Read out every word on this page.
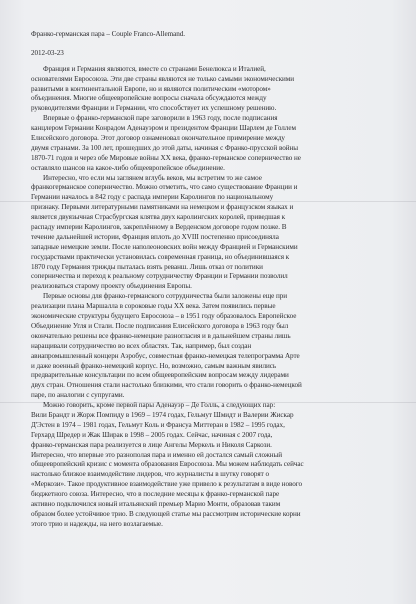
Франко-германская пара – Couple Franco-Allemand.
2012-03-23
Франция и Германия являются, вместе со странами Бенелюкса и Италией,
основателями Евросоюза. Эти две страны являются не только самыми экономическими
развитыми в континентальной Европе, но и являются политическим «мотором»
объединения. Многие общеевропейские вопросы сначала обсуждаются между
руководителями Франции и Германии, что способствует их успешному решению.
Впервые о франко-германской паре заговорили в 1963 году, после подписания
канцлером Германии Конрадом Аденауэром и президентом Франции Шарлем де Голлем
Елисейского договора. Этот договор ознаменовал окончательное примирение между
двумя странами. За 100 лет, прошедших до этой даты, начиная с Франко-прусской войны
1870-71 годов и через обе Мировые войны XX века, франко-германское соперничество не
оставляло шансов на какое-либо общеевропейское объединение.
Интересно, что если мы заглянем вглубь веков, мы встретим то же самое
франкогерманское соперничество. Можно отметить, что само существование Франции и
Германии началось в 842 году с распада империи Каролингов по национальному
признаку. Первыми литературными памятниками на немецком и французском языках и
является двуязычная Страсбургская клятва двух каролингских королей, приведшая к
распаду империи Каролингов, закреплённому в Верденском договоре годом позже. В
течение дальнейшей истории, Франция вплоть до XVIII постепенно присоединяла
западные немецкие земли. После наполеоновских войн между Францией и Германскими
государствами практически установилась современная граница, но объединившаяся к
1870 году Германия трижды пыталась взять реванш. Лишь отказ от политики
соперничества и переход к реальному сотрудничеству Франции и Германии позволил
реализоваться старому проекту объединения Европы.
Первые основы для франко-германского сотрудничества были заложены еще при
реализации плана Маршалла в сороковые годы XX века. Затем появились первые
экономические структуры будущего Евросоюза – в 1951 году образовалось Европейское
Объединение Угля и Стали. После подписания Елисейского договора в 1963 году был
окончательно решены все франко-немецкие разногласия и в дальнейшем страны лишь
наращивали сотрудничество во всех областях. Так, например, был создан
авиапромышленный концерн Аэробус, совместная франко-немецкая телепрограмма Арте
и даже военный франко-немецкий корпус. Но, возможно, самым важным явились
предварительные консультации по всем общеевропейским вопросам между лидерами
двух стран. Отношения стали настолько близкими, что стали говорить о франко-немецкой
паре, по аналогии с супругами.
Можно говорить, кроме первой пары Аденауэр – Де Голль, а следующих пар:
Вили Брандт и Жорж Помпиду в 1969 – 1974 годах, Гельмут Шмидт и Валерии Жискар
Д'Эстен в 1974 – 1981 годах, Гельмут Коль и Франсуа Миттеран в 1982 – 1995 годах,
Герхард Шредер и Жак Ширак в 1998 – 2005 годах. Сейчас, начиная с 2007 года,
франко-германская пара реализуется в лице Ангелы Меркель и Николя Саркози.
Интересно, что впервые это разнополая пара и именно ей достался самый сложный
общеевропейский кризис с момента образования Евросоюза. Мы можем наблюдать сейчас
настолько близкое взаимодействие лидеров, что журналисты в шутку говорят о
«Меркози». Такое продуктивное взаимодействие уже привело к результатам в виде нового
бюджетного союза. Интересно, что в последние месяцы к франко-германской паре
активно подключился новый итальянский премьер Марио Монти, образовав таким
образом более устойчивое трио. В следующей статье мы рассмотрим исторические корни
этого трио и надежды, на него возлагаемые.
